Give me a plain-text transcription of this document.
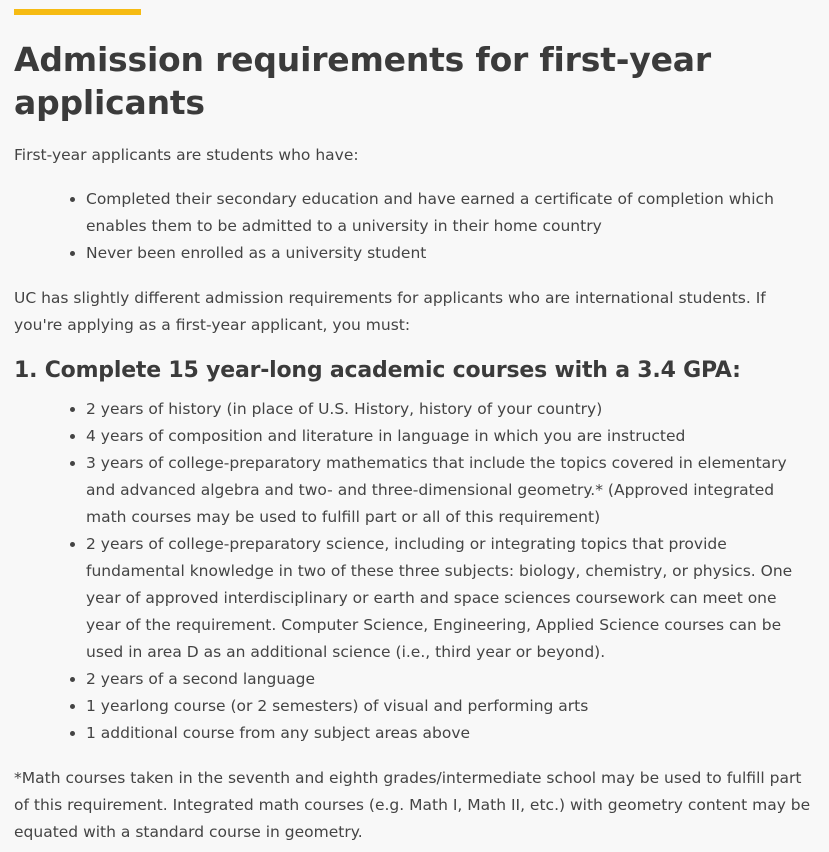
Admission requirements for first-year applicants

First-year applicants are students who have:

Completed their secondary education and have earned a certificate of completion which enables them to be admitted to a university in their home country
Never been enrolled as a university student

UC has slightly different admission requirements for applicants who are international students. If you're applying as a first-year applicant, you must:

1. Complete 15 year-long academic courses with a 3.4 GPA:
2 years of history (in place of U.S. History, history of your country)
4 years of composition and literature in language in which you are instructed
3 years of college-preparatory mathematics that include the topics covered in elementary and advanced algebra and two- and three-dimensional geometry.* (Approved integrated math courses may be used to fulfill part or all of this requirement)
2 years of college-preparatory science, including or integrating topics that provide fundamental knowledge in two of these three subjects: biology, chemistry, or physics. One year of approved interdisciplinary or earth and space sciences coursework can meet one year of the requirement. Computer Science, Engineering, Applied Science courses can be used in area D as an additional science (i.e., third year or beyond).
2 years of a second language
1 yearlong course (or 2 semesters) of visual and performing arts
1 additional course from any subject areas above

*Math courses taken in the seventh and eighth grades/intermediate school may be used to fulfill part of this requirement. Integrated math courses (e.g. Math I, Math II, etc.) with geometry content may be equated with a standard course in geometry.
